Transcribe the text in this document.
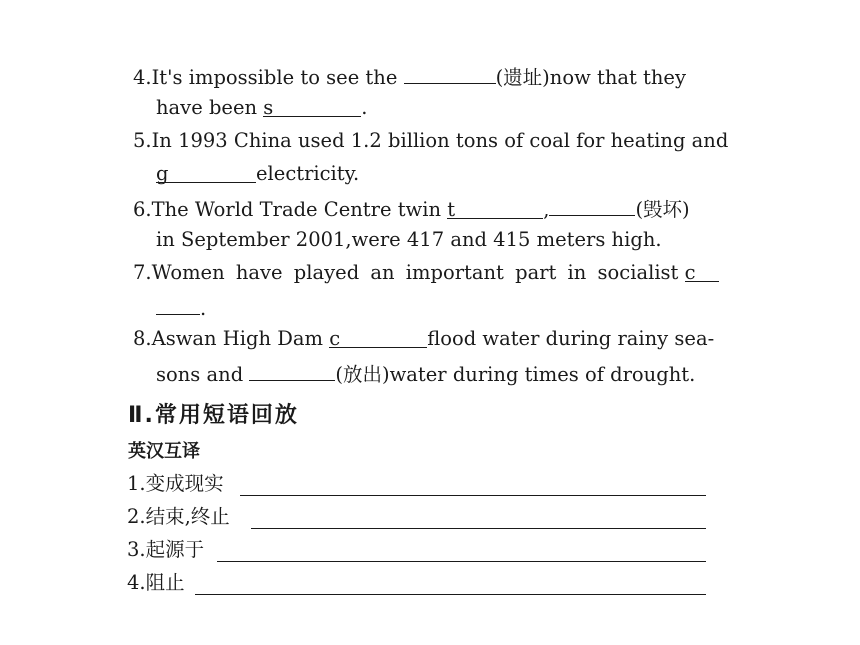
4.It's impossible to see the	(遗址)now that they
have been s	.
5.In 1993 China used 1.2 billion tons of coal for heating and
g	electricity.
6.The World Trade Centre twin t	,	(毁坏)
in September 2001,were 417 and 415 meters high.
7.Women have played an important part in socialist c
.
8.Aswan High Dam c	flood water during rainy sea-
sons and	(放出)water during times of drought.
Ⅱ.常用短语回放
英汉互译
1.变成现实
2.结束,终止
3.起源于
4.阻止
